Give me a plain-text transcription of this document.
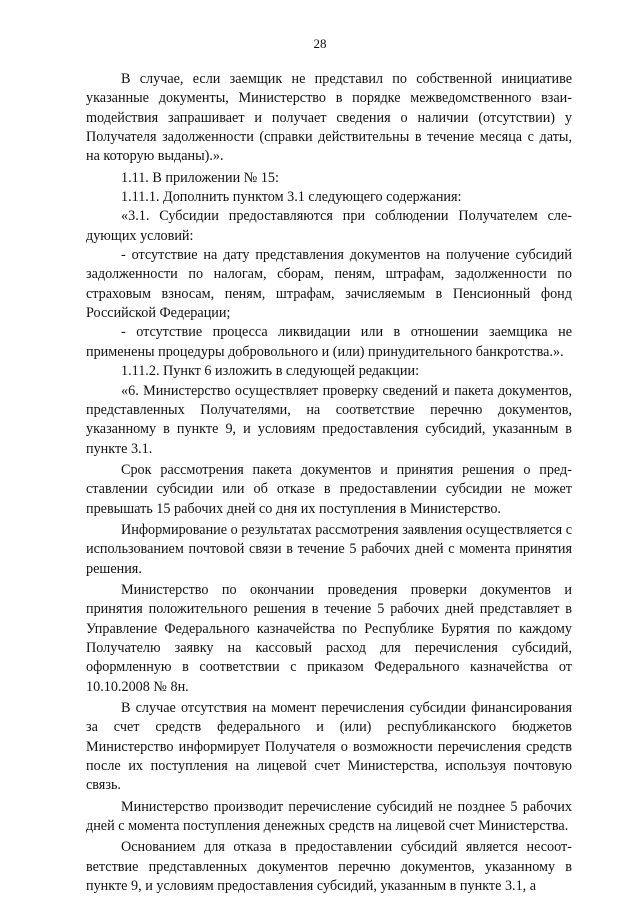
28

В случае, если заемщик не представил по собственной инициативе указанные документы, Министерство в порядке межведомственного взаиmодействия запрашивает и получает сведения о наличии (отсутствии) у Получателя задолженности (справки действительны в течение месяца с даты, на которую выданы).».

1.11. В приложении № 15:

1.11.1. Дополнить пунктом 3.1 следующего содержания:

«3.1. Субсидии предоставляются при соблюдении Получателем следующих условий:

- отсутствие на дату представления документов на получение субсидий задолженности по налогам, сборам, пеням, штрафам, задолженности по страховым взносам, пеням, штрафам, зачисляемым в Пенсионный фонд Российской Федерации;

- отсутствие процесса ликвидации или в отношении заемщика не применены процедуры добровольного и (или) принудительного банкротства.».

1.11.2. Пункт 6 изложить в следующей редакции:

«6. Министерство осуществляет проверку сведений и пакета документов, представленных Получателями, на соответствие перечню документов, указанному в пункте 9, и условиям предоставления субсидий, указанным в пункте 3.1.

Срок рассмотрения пакета документов и принятия решения о представлении субсидии или об отказе в предоставлении субсидии не может превышать 15 рабочих дней со дня их поступления в Министерство.

Информирование о результатах рассмотрения заявления осуществляется с использованием почтовой связи в течение 5 рабочих дней с момента принятия решения.

Министерство по окончании проведения проверки документов и принятия положительного решения в течение 5 рабочих дней представляет в Управление Федерального казначейства по Республике Бурятия по каждому Получателю заявку на кассовый расход для перечисления субсидий, оформленную в соответствии с приказом Федерального казначейства от 10.10.2008 № 8н.

В случае отсутствия на момент перечисления субсидии финансирования за счет средств федерального и (или) республиканского бюджетов Министерство информирует Получателя о возможности перечисления средств после их поступления на лицевой счет Министерства, используя почтовую связь.

Министерство производит перечисление субсидий не позднее 5 рабочих дней с момента поступления денежных средств на лицевой счет Министерства.

Основанием для отказа в предоставлении субсидий является несоответствие представленных документов перечню документов, указанному в пункте 9, и условиям предоставления субсидий, указанным в пункте 3.1, а
